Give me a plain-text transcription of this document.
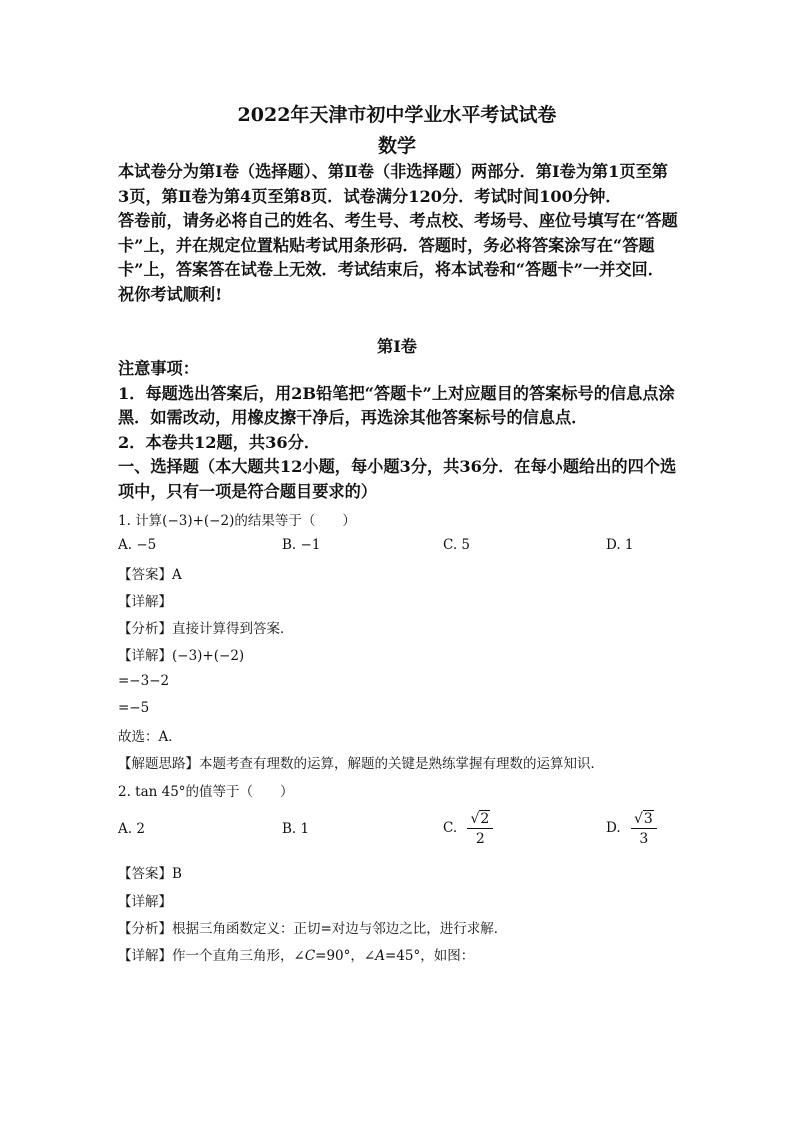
2022年天津市初中学业水平考试试卷
数学

本试卷分为第Ⅰ卷（选择题）、第Ⅱ卷（非选择题）两部分．第Ⅰ卷为第1页至第3页，第Ⅱ卷为第4页至第8页．试卷满分120分．考试时间100分钟．

答卷前，请务必将自己的姓名、考生号、考点校、考场号、座位号填写在“答题卡”上，并在规定位置粘贴考试用条形码．答题时，务必将答案涂写在“答题卡”上，答案答在试卷上无效．考试结束后，将本试卷和“答题卡”一并交回．

祝你考试顺利!

第Ⅰ卷

注意事项：

1．每题选出答案后，用2B铅笔把“答题卡”上对应题目的答案标号的信息点涂黑．如需改动，用橡皮擦干净后，再选涂其他答案标号的信息点．

2．本卷共12题，共36分．

一、选择题（本大题共12小题，每小题3分，共36分．在每小题给出的四个选项中，只有一项是符合题目要求的）

1. 计算(−3)+(−2)的结果等于（　　）
A. −5	B. −1	C. 5	D. 1
【答案】A
【详解】
【分析】直接计算得到答案．
【详解】(−3)+(−2)
=−3−2
=−5
故选：A．
【解题思路】本题考查有理数的运算，解题的关键是熟练掌握有理数的运算知识．
2. tan 45°的值等于（　　）
A. 2	B. 1	C. $\frac{√2}{2}$	D. $\frac{√3}{3}$
【答案】B
【详解】
【分析】根据三角函数定义：正切=对边与邻边之比，进行求解．
【详解】作一个直角三角形，∠C=90°，∠A=45°，如图：
